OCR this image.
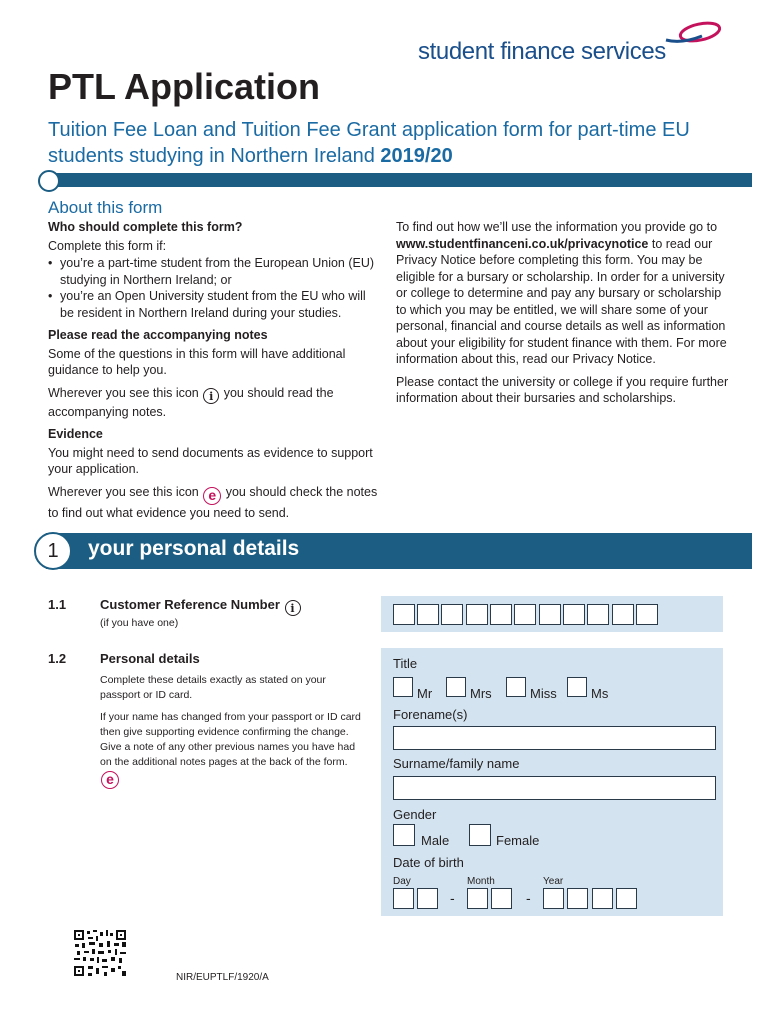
student finance services
PTL Application
Tuition Fee Loan and Tuition Fee Grant application form for part-time EU students studying in Northern Ireland 2019/20
About this form

Who should complete this form?

Complete this form if:

• you’re a part-time student from the European Union (EU) studying in Northern Ireland; or
• you’re an Open University student from the EU who will be resident in Northern Ireland during your studies.

Please read the accompanying notes

Some of the questions in this form will have additional guidance to help you.

Wherever you see this icon i you should read the accompanying notes.

Evidence

You might need to send documents as evidence to support your application.

Wherever you see this icon e you should check the notes to find out what evidence you need to send.

To find out how we’ll use the information you provide go to www.studentfinanceni.co.uk/privacynotice to read our Privacy Notice before completing this form. You may be eligible for a bursary or scholarship. In order for a university or college to determine and pay any bursary or scholarship to which you may be entitled, we will share some of your personal, financial and course details as well as information about your eligibility for student finance with them. For more information about this, read our Privacy Notice.

Please contact the university or college if you require further information about their bursaries and scholarships.

1	your personal details
1.1	Customer Reference Number i
(if you have one)
1.2	Personal details

Complete these details exactly as stated on your passport or ID card.

If your name has changed from your passport or ID card then give supporting evidence confirming the change. Give a note of any other previous names you have had on the additional notes pages at the back of the form. e

Title
Mr	Mrs	Miss	Ms
Forename(s)
Surname/family name
Gender
Male	Female
Date of birth
Day	Month	Year
-	-
NIR/EUPTLF/1920/A
